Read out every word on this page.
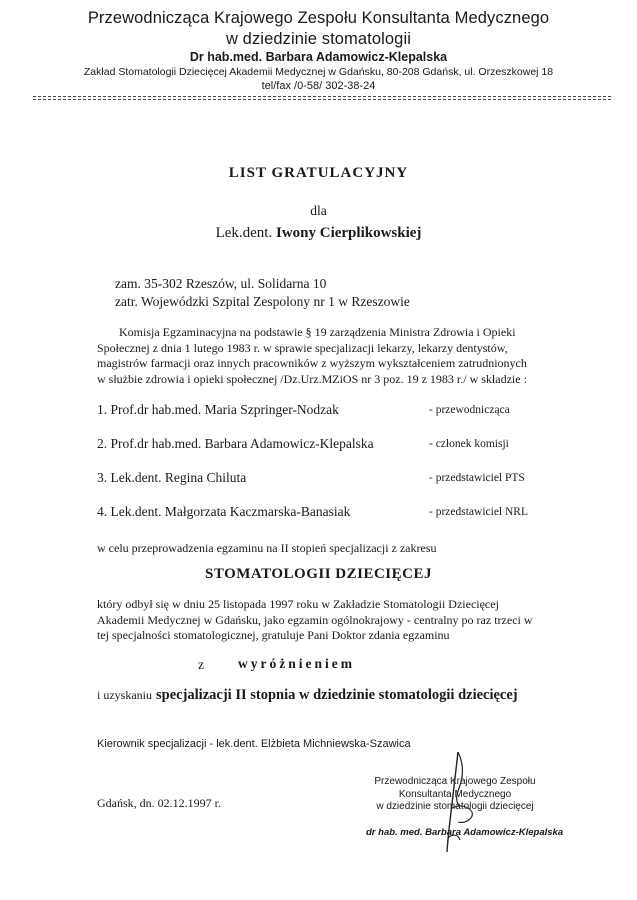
Przewodnicząca Krajowego Zespołu Konsultanta Medycznego
w dziedzinie stomatologii
Dr hab.med. Barbara Adamowicz-Klepalska
Zakład Stomatologii Dziecięcej Akademii Medycznej w Gdańsku, 80-208 Gdańsk, ul. Orzeszkowej 18
tel/fax /0-58/ 302-38-24
LIST GRATULACYJNY
dla
Lek.dent. Iwony Cierplikowskiej
zam. 35-302 Rzeszów, ul. Solidarna 10
zatr. Wojewódzki Szpital Zespolony nr 1 w Rzeszowie
Komisja Egzaminacyjna na podstawie § 19 zarządzenia Ministra Zdrowia i Opieki
Społecznej z dnia 1 lutego 1983 r. w sprawie specjalizacji lekarzy, lekarzy dentystów,
magistrów farmacji oraz innych pracowników z wyższym wykształceniem zatrudnionych
w służbie zdrowia i opieki społecznej /Dz.Urz.MZiOS nr 3 poz. 19 z 1983 r./ w składzie :
1. Prof.dr hab.med. Maria Szpringer-Nodzak	- przewodnicząca
2. Prof.dr hab.med. Barbara Adamowicz-Klepalska	- członek komisji
3. Lek.dent. Regina Chiluta	- przedstawiciel PTS
4. Lek.dent. Małgorzata Kaczmarska-Banasiak	- przedstawiciel NRL
w celu przeprowadzenia egzaminu na II stopień specjalizacji z zakresu
STOMATOLOGII DZIECIĘCEJ
który odbył się w dniu 25 listopada 1997 roku w Zakładzie Stomatologii Dziecięcej
Akademii Medycznej w Gdańsku, jako egzamin ogólnokrajowy - centralny po raz trzeci w
tej specjalności stomatologicznej, gratuluje Pani Doktor zdania egzaminu
z	wyróżnieniem
i uzyskaniu specjalizacji II stopnia w dziedzinie stomatologii dziecięcej
Kierownik specjalizacji - lek.dent. Elżbieta Michniewska-Szawica
Gdańsk, dn. 02.12.1997 r.
Przewodnicząca Krajowego Zespołu
Konsultanta Medycznego
w dziedzinie stomatologii dziecięcej
dr hab. med. Barbara Adamowicz-Klepalska
